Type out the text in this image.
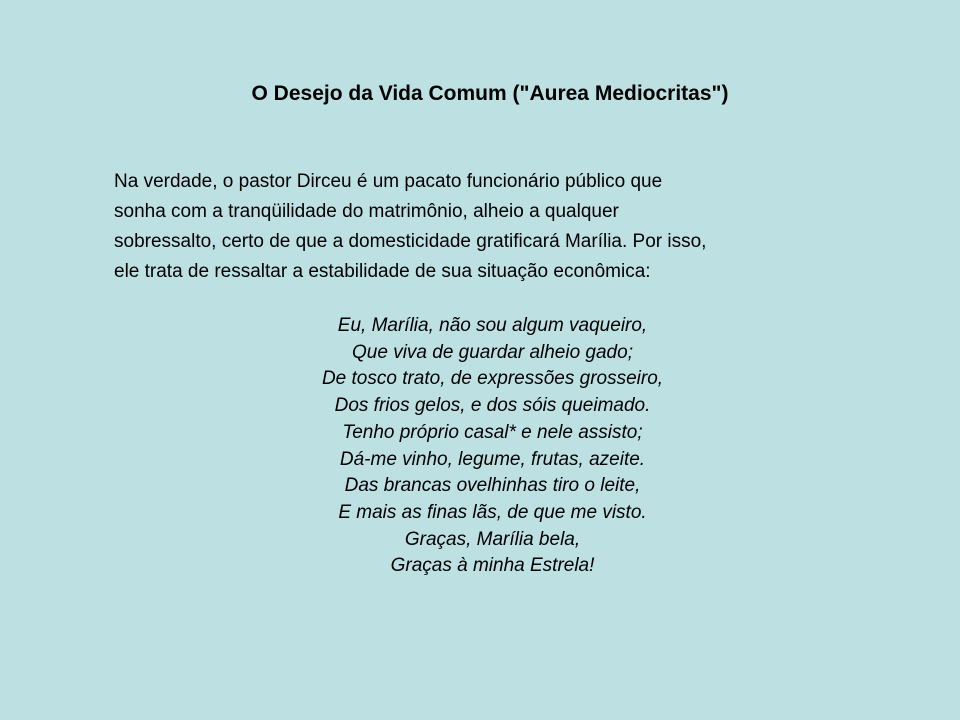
O Desejo da Vida Comum ("Aurea Mediocritas")
Na verdade, o pastor Dirceu é um pacato funcionário público que
sonha com a tranqüilidade do matrimônio, alheio a qualquer
sobressalto, certo de que a domesticidade gratificará Marília. Por isso,
ele trata de ressaltar a estabilidade de sua situação econômica:
Eu, Marília, não sou algum vaqueiro,
Que viva de guardar alheio gado;
De tosco trato, de expressões grosseiro,
Dos frios gelos, e dos sóis queimado.
Tenho próprio casal* e nele assisto;
Dá-me vinho, legume, frutas, azeite.
Das brancas ovelhinhas tiro o leite,
E mais as finas lãs, de que me visto.
Graças, Marília bela,
Graças à minha Estrela!
